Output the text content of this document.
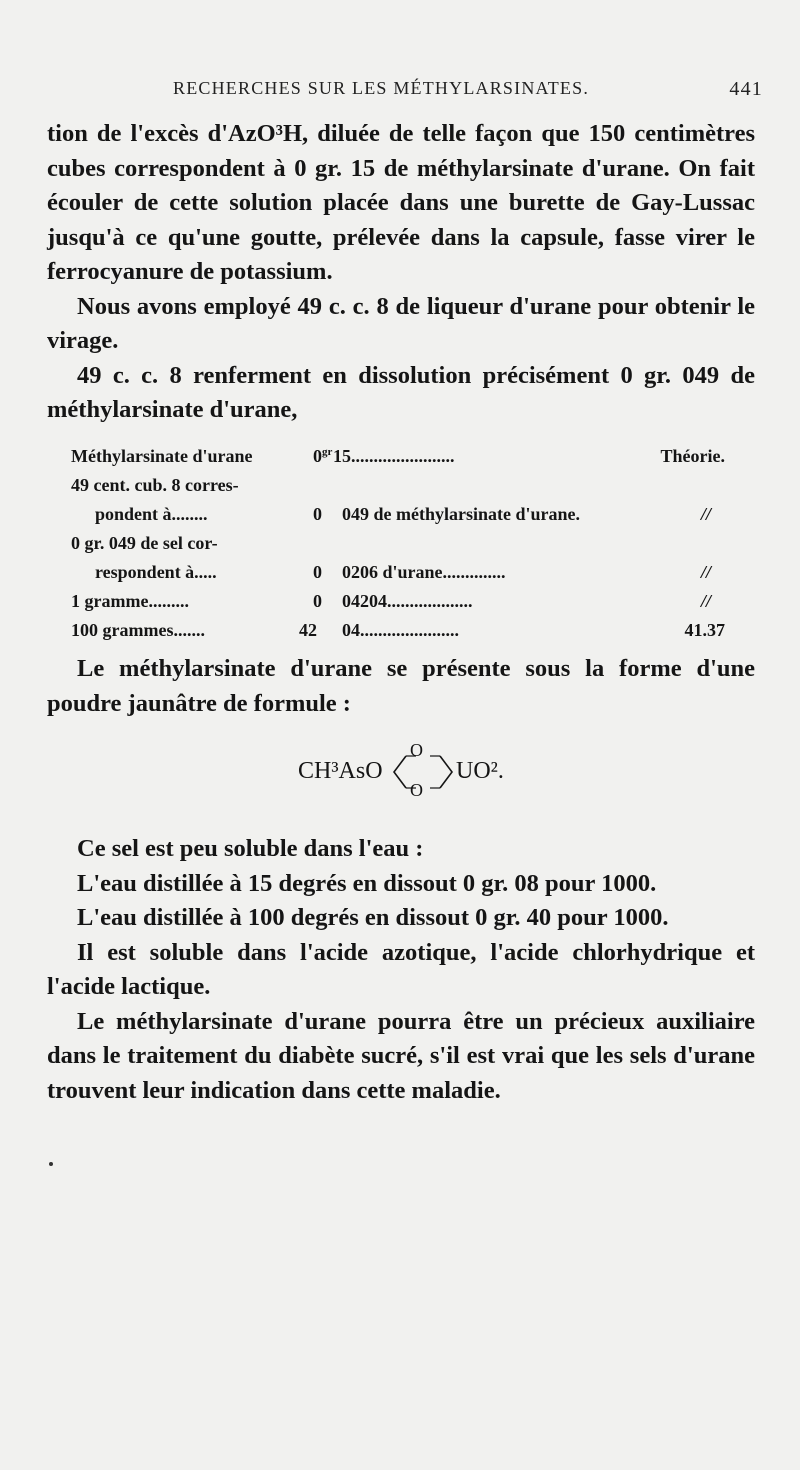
RECHERCHES SUR LES MÉTHYLARSINATES.	441

tion de l'excès d'AzO³H, diluée de telle façon que 150 centimètres cubes correspondent à 0 gr. 15 de méthylarsinate d'urane. On fait écouler de cette solution placée dans une burette de Gay-Lussac jusqu'à ce qu'une goutte, prélevée dans la capsule, fasse virer le ferrocyanure de potassium.

Nous avons employé 49 c. c. 8 de liqueur d'urane pour obtenir le virage.

49 c. c. 8 renferment en dissolution précisément 0 gr. 049 de méthylarsinate d'urane,

Méthylarsinate d'urane	$0^{gr}$ 15.......................	Théorie.
49 cent. cub. 8 corres-
pondent à........	0 049 de méthylarsinate d'urane.	//
0 gr. 049 de sel cor-
respondent à.....	0 0206 d'urane..............	//
1 gramme.........	0 04204...................	//
100 grammes.......	42 04......................	41.37

Le méthylarsinate d'urane se présente sous la forme d'une poudre jaunâtre de formule :

CH³AsO
O
O
UO².

Ce sel est peu soluble dans l'eau :

L'eau distillée à 15 degrés en dissout 0 gr. 08 pour 1000.

L'eau distillée à 100 degrés en dissout 0 gr. 40 pour 1000.

Il est soluble dans l'acide azotique, l'acide chlorhydrique et l'acide lactique.

Le méthylarsinate d'urane pourra être un précieux auxiliaire dans le traitement du diabète sucré, s'il est vrai que les sels d'urane trouvent leur indication dans cette maladie.
